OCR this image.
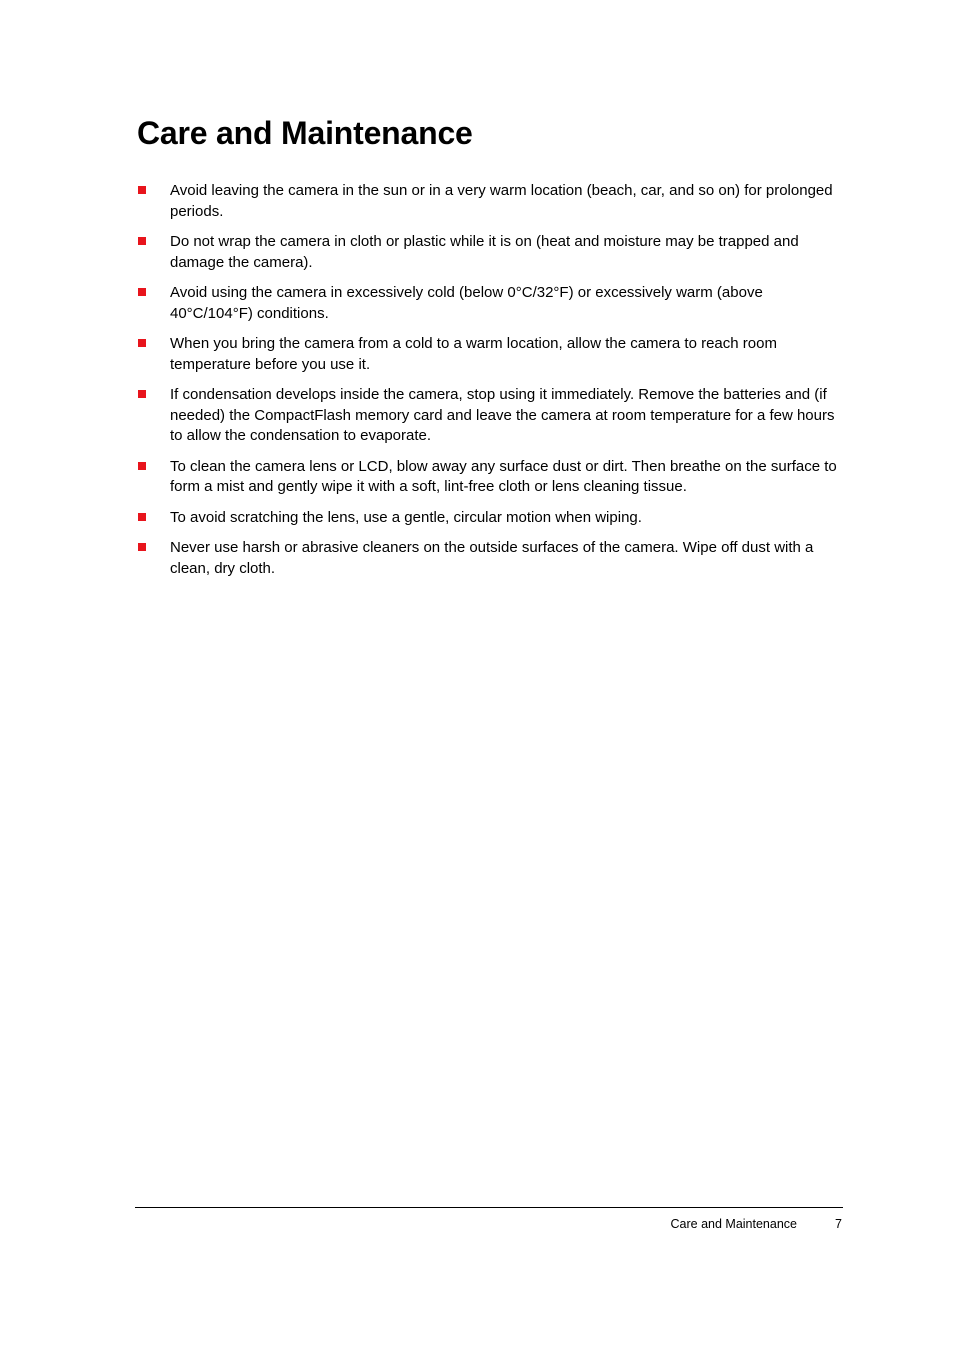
Care and Maintenance
Avoid leaving the camera in the sun or in a very warm location (beach, car, and so on) for prolonged periods.
Do not wrap the camera in cloth or plastic while it is on (heat and moisture may be trapped and damage the camera).
Avoid using the camera in excessively cold (below 0°C/32°F) or excessively warm (above 40°C/104°F) conditions.
When you bring the camera from a cold to a warm location, allow the camera to reach room temperature before you use it.
If condensation develops inside the camera, stop using it immediately. Remove the batteries and (if needed) the CompactFlash memory card and leave the camera at room temperature for a few hours to allow the condensation to evaporate.
To clean the camera lens or LCD, blow away any surface dust or dirt. Then breathe on the surface to form a mist and gently wipe it with a soft, lint-free cloth or lens cleaning tissue.
To avoid scratching the lens, use a gentle, circular motion when wiping.
Never use harsh or abrasive cleaners on the outside surfaces of the camera. Wipe off dust with a clean, dry cloth.
Care and Maintenance	7
